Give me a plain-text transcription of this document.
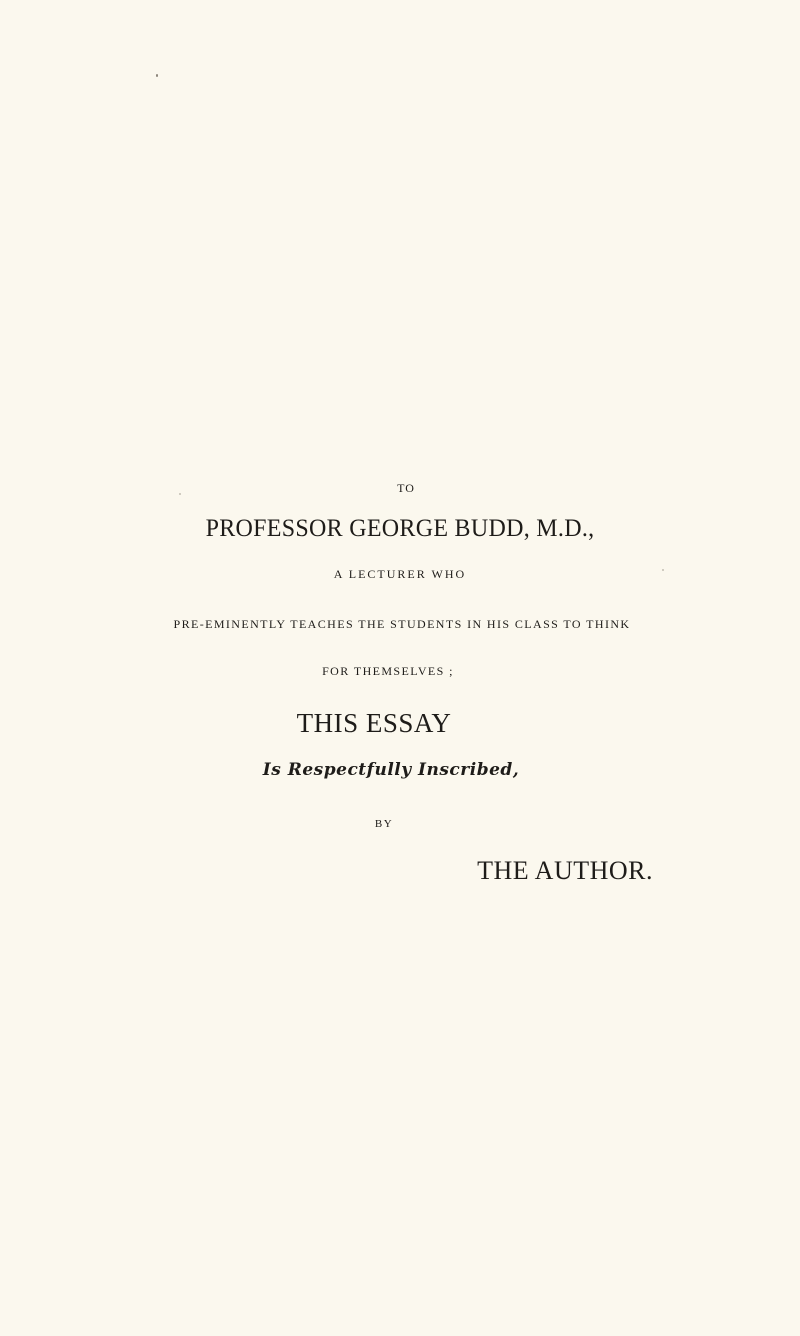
TO
PROFESSOR GEORGE BUDD, M.D.,
A LECTURER WHO
PRE-EMINENTLY TEACHES THE STUDENTS IN HIS CLASS TO THINK
FOR THEMSELVES ;
THIS ESSAY
Is Respectfully Inscribed,
BY
THE AUTHOR.
